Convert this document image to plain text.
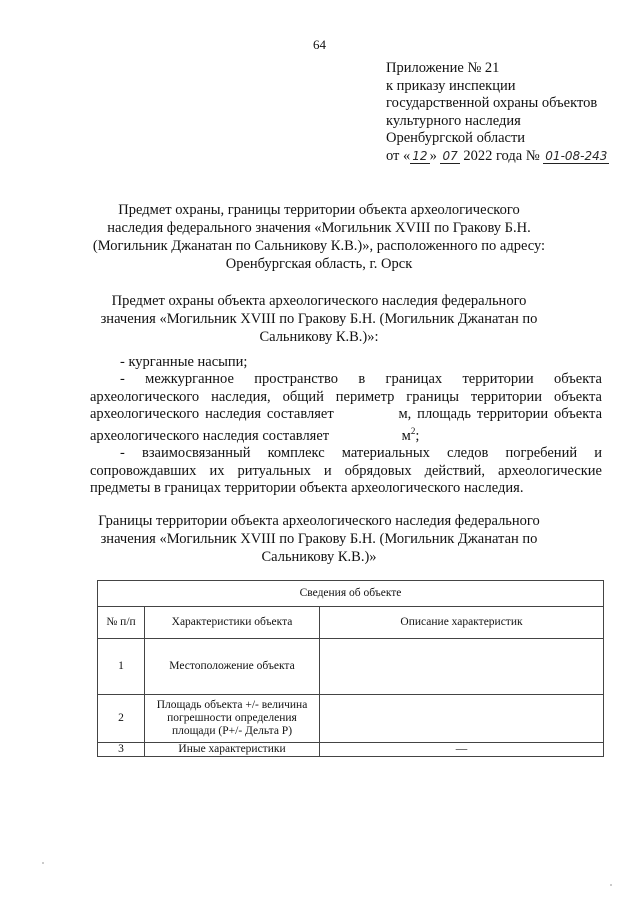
64
Приложение № 21
к приказу инспекции
государственной охраны объектов
культурного наследия
Оренбургской области
от « 12 » 07 2022 года № 01-08-243
Предмет охраны, границы территории объекта археологического наследия федерального значения «Могильник XVIII по Гракову Б.Н. (Могильник Джанатан по Сальникову К.В.)», расположенного по адресу: Оренбургская область, г. Орск
Предмет охраны объекта археологического наследия федерального значения «Могильник XVIII по Гракову Б.Н. (Могильник Джанатан по Сальникову К.В.)»:

- курганные насыпи;

- межкурганное пространство в границах территории объекта археологического наследия, общий периметр границы территории объекта археологического наследия составляет	м, площадь территории объекта археологического наследия составляет	$м^2$;

- взаимосвязанный комплекс материальных следов погребений и сопровождавших их ритуальных и обрядовых действий, археологические предметы в границах территории объекта археологического наследия.

Границы территории объекта археологического наследия федерального значения «Могильник XVIII по Гракову Б.Н. (Могильник Джанатан по Сальникову К.В.)»
Сведения об объекте		
№ п/п	Характеристики объекта	Описание характеристик
1	Местоположение объекта	
2	Площадь объекта +/- величина погрешности определения площади (Р+/- Дельта Р)	
3	Иные характеристики	—
